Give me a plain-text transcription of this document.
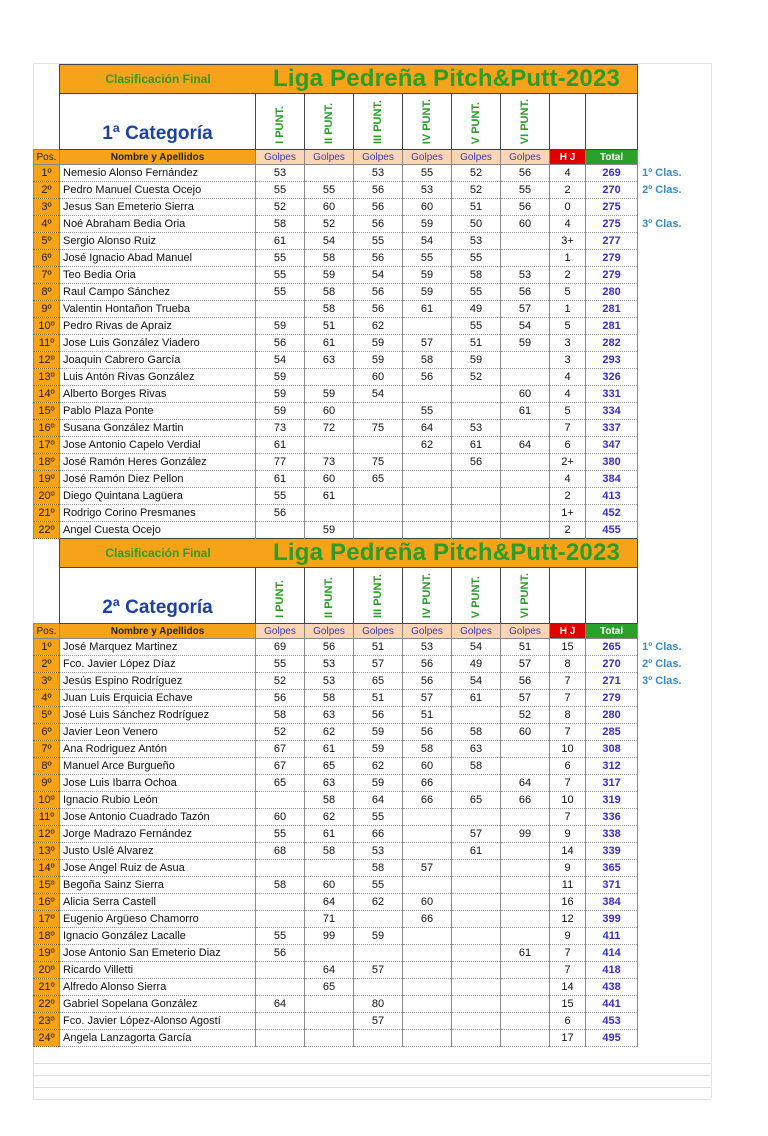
	Clasificación Final Liga Pedreña Pitch&Putt-2023									

	1ª Categoría	I PUNT.	II PUNT.	III PUNT.	IV PUNT.	V PUNT.	VI PUNT.			
Pos.	Nombre y Apellidos	Golpes	Golpes	Golpes	Golpes	Golpes	Golpes	H J	Total	
1º	Nemesio Alonso Fernández	53		53	55	52	56	4	269	1º Clas.
2º	Pedro Manuel Cuesta Ocejo	55	55	56	53	52	55	2	270	2º Clas.
3º	Jesus San Emeterio Sierra	52	60	56	60	51	56	0	275	
4º	Noé Abraham Bedia Oria	58	52	56	59	50	60	4	275	3º Clas.
5º	Sergio Alonso Ruiz	61	54	55	54	53		3+	277	
6º	José Ignacio Abad Manuel	55	58	56	55	55		1	279	
7º	Teo Bedia Oria	55	59	54	59	58	53	2	279	
8º	Raul Campo Sánchez	55	58	56	59	55	56	5	280	
9º	Valentin Hontañon Trueba		58	56	61	49	57	1	281	
10º	Pedro Rivas de Apraiz	59	51	62		55	54	5	281	
11º	Jose Luis González Viadero	56	61	59	57	51	59	3	282	
12º	Joaquin Cabrero García	54	63	59	58	59		3	293	
13º	Luis Antón Rivas González	59		60	56	52		4	326	
14º	Alberto Borges Rivas	59	59	54			60	4	331	
15º	Pablo Plaza Ponte	59	60		55		61	5	334	
16º	Susana González Martin	73	72	75	64	53		7	337	
17º	Jose Antonio Capelo Verdial	61			62	61	64	6	347	
18º	José Ramón Heres González	77	73	75		56		2+	380	
19º	José Ramón Diez Pellon	61	60	65				4	384	
20º	Diego Quintana Lagüera	55	61					2	413	
21º	Rodrigo Corino Presmanes	56						1+	452	
22º	Angel Cuesta Ocejo		59					2	455	

	Clasificación Final Liga Pedreña Pitch&Putt-2023									

	2ª Categoría	I PUNT.	II PUNT.	III PUNT.	IV PUNT.	V PUNT.	VI PUNT.			
Pos.	Nombre y Apellidos	Golpes	Golpes	Golpes	Golpes	Golpes	Golpes	H J	Total	
1º	José Marquez Martinez	69	56	51	53	54	51	15	265	1º Clas.
2º	Fco. Javier López Díaz	55	53	57	56	49	57	8	270	2º Clas.
3º	Jesús Espino Rodríguez	52	53	65	56	54	56	7	271	3º Clas.
4º	Juan Luis Erquicia Echave	56	58	51	57	61	57	7	279	
5º	José Luis Sánchez Rodríguez	58	63	56	51		52	8	280	
6º	Javier Leon Venero	52	62	59	56	58	60	7	285	
7º	Ana Rodriguez Antón	67	61	59	58	63		10	308	
8º	Manuel Arce Burgueño	67	65	62	60	58		6	312	
9º	Jose Luis Ibarra Ochoa	65	63	59	66		64	7	317	
10º	Ignacio Rubio León		58	64	66	65	66	10	319	
11º	Jose Antonio Cuadrado Tazón	60	62	55				7	336	
12º	Jorge Madrazo Fernández	55	61	66		57	99	9	338	
13º	Justo Uslé Alvarez	68	58	53		61		14	339	
14º	Jose Angel Ruiz de Asua			58	57			9	365	
15º	Begoña Sainz Sierra	58	60	55				11	371	
16º	Alicia Serra Castell		64	62	60			16	384	
17º	Eugenio Argüeso Chamorro		71		66			12	399	
18º	Ignacio González Lacalle	55	99	59				9	411	
19º	Jose Antonio San Emeterio Diaz	56					61	7	414	
20º	Ricardo Villetti		64	57				7	418	
21º	Alfredo Alonso Sierra		65					14	438	
22º	Gabriel Sopelana González	64		80				15	441	
23º	Fco. Javier López-Alonso Agostí			57				6	453	
24º	Angela Lanzagorta García							17	495	
